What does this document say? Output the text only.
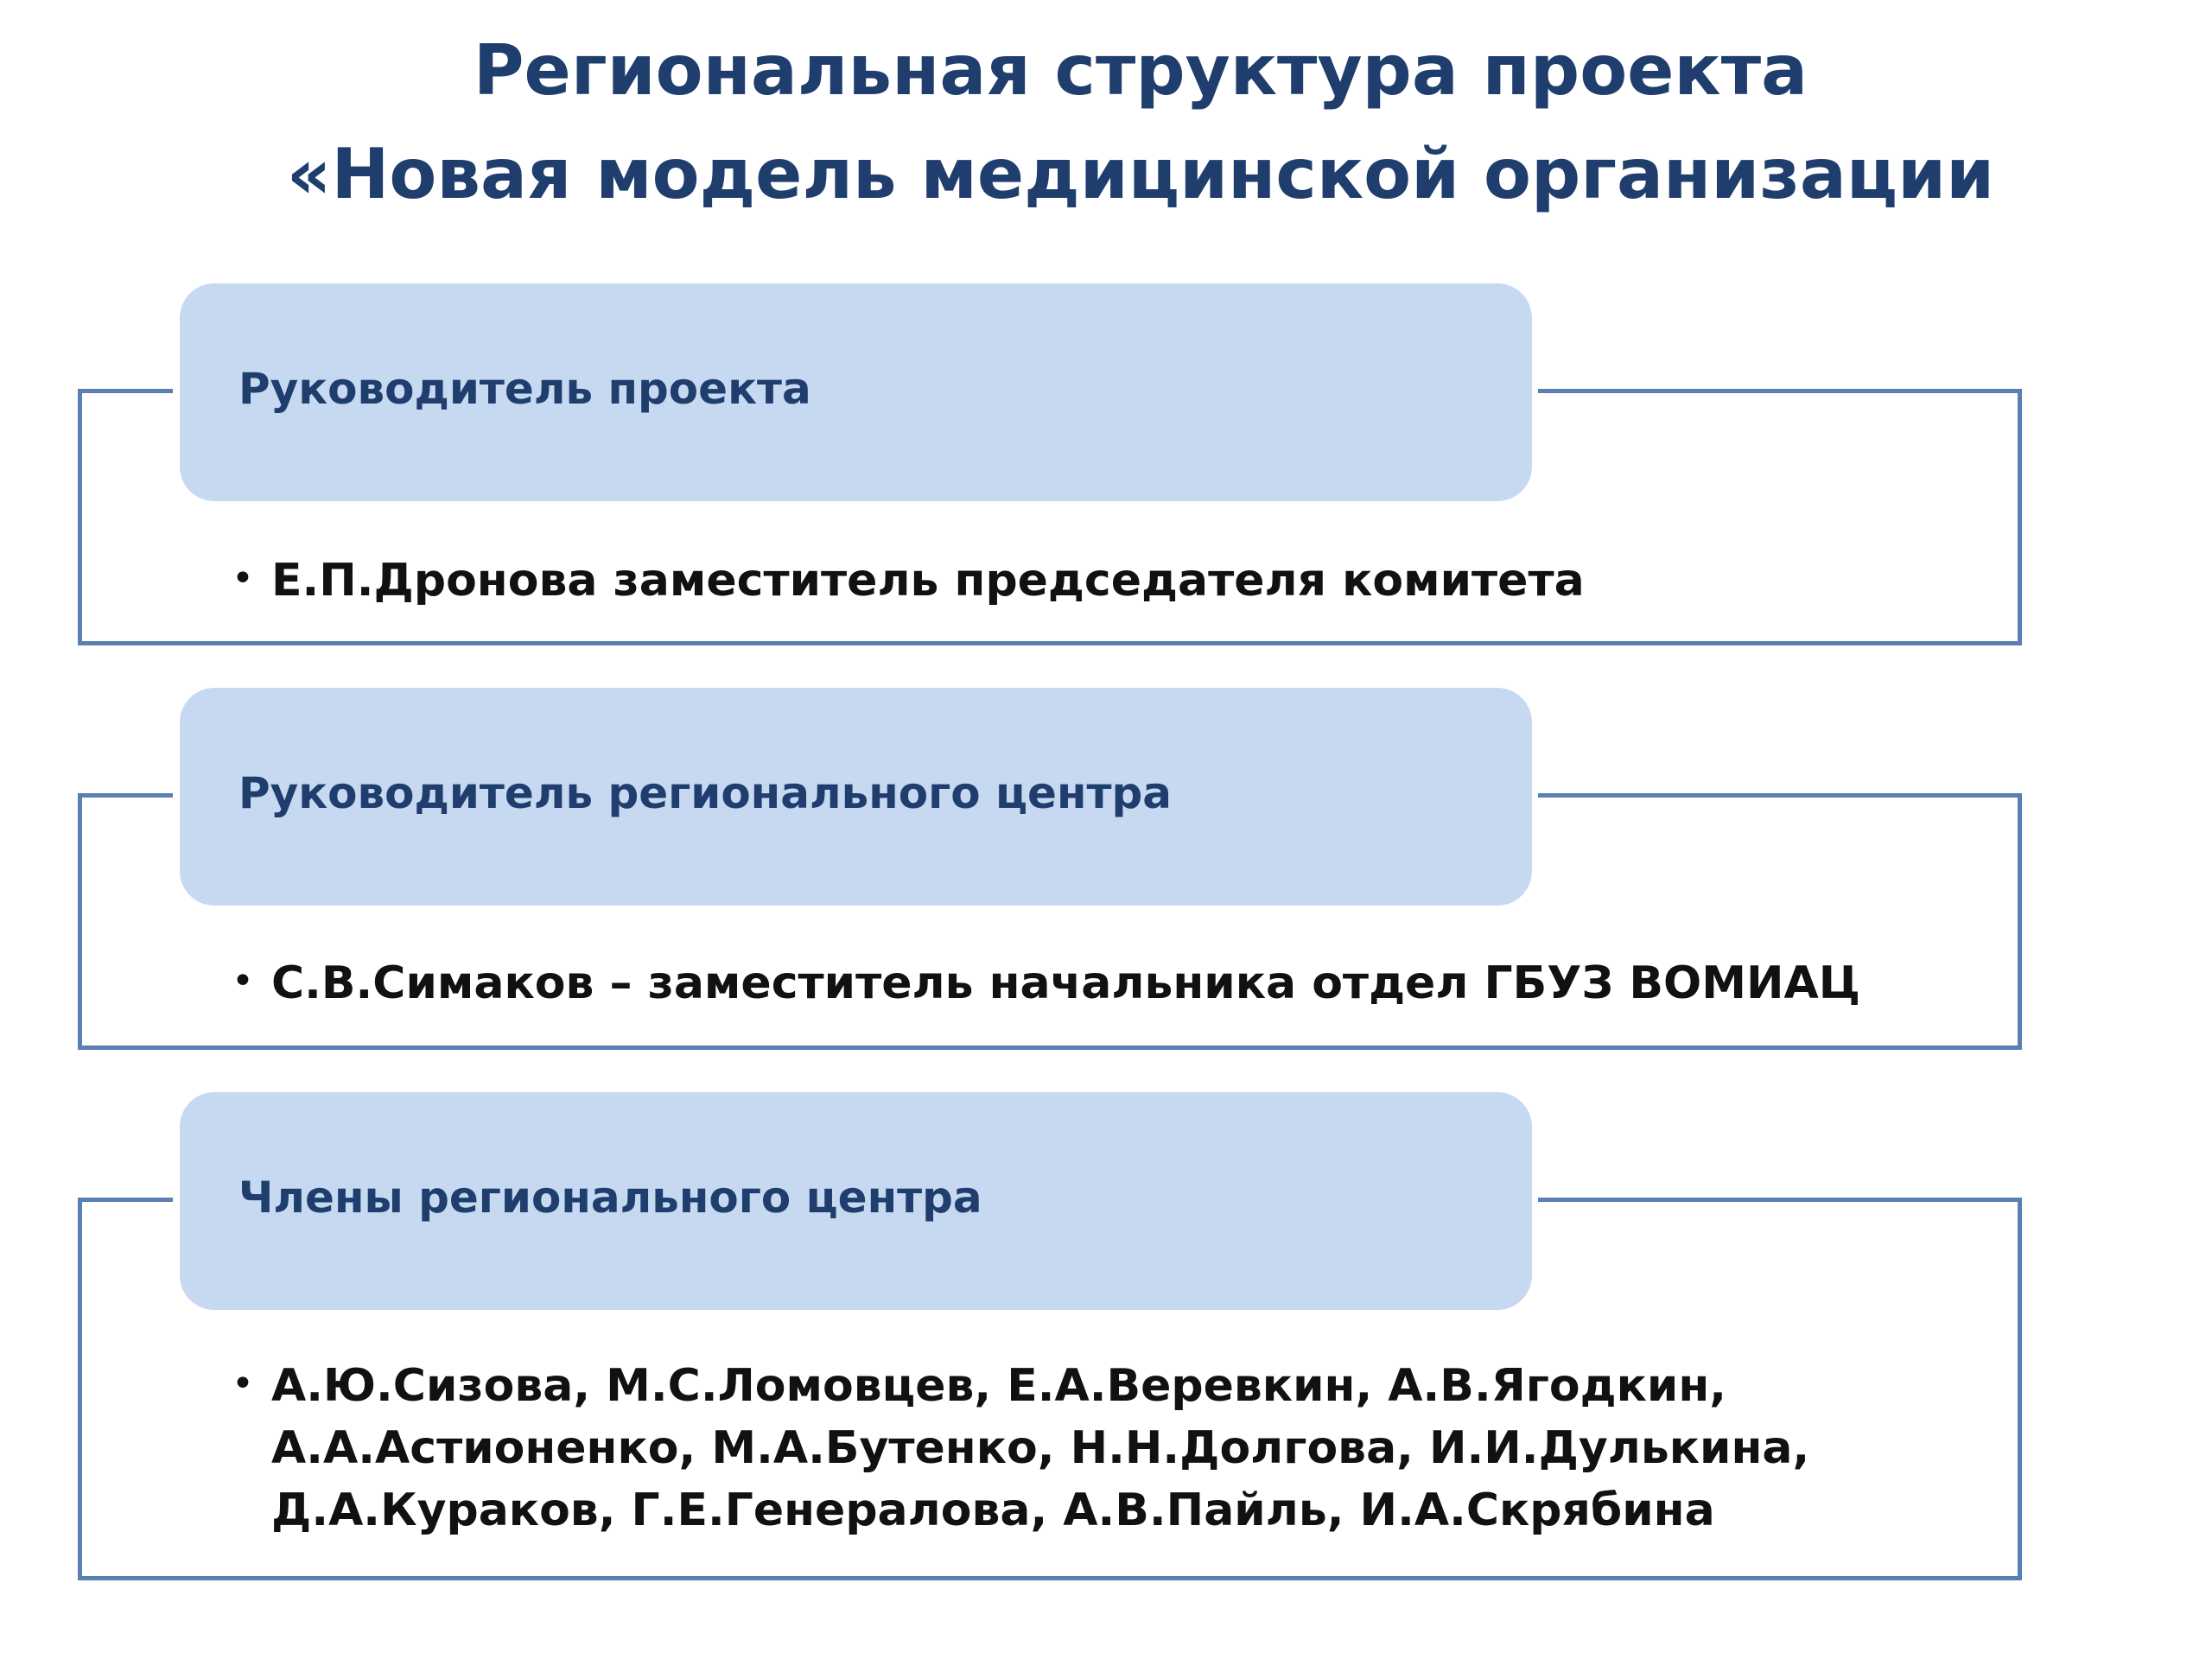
Региональная структура проекта
«Новая модель медицинской организации
Руководитель проекта
• Е.П.Дронова заместитель председателя комитета
Руководитель регионального центра
• С.В.Симаков – заместитель начальника отдел ГБУЗ ВОМИАЦ
Члены регионального центра
• А.Ю.Сизова, М.С.Ломовцев, Е.А.Веревкин, А.В.Ягодкин,
А.А.Астионенко, М.А.Бутенко, Н.Н.Долгова, И.И.Дулькина,
Д.А.Кураков, Г.Е.Генералова, А.В.Пайль, И.А.Скрябина
